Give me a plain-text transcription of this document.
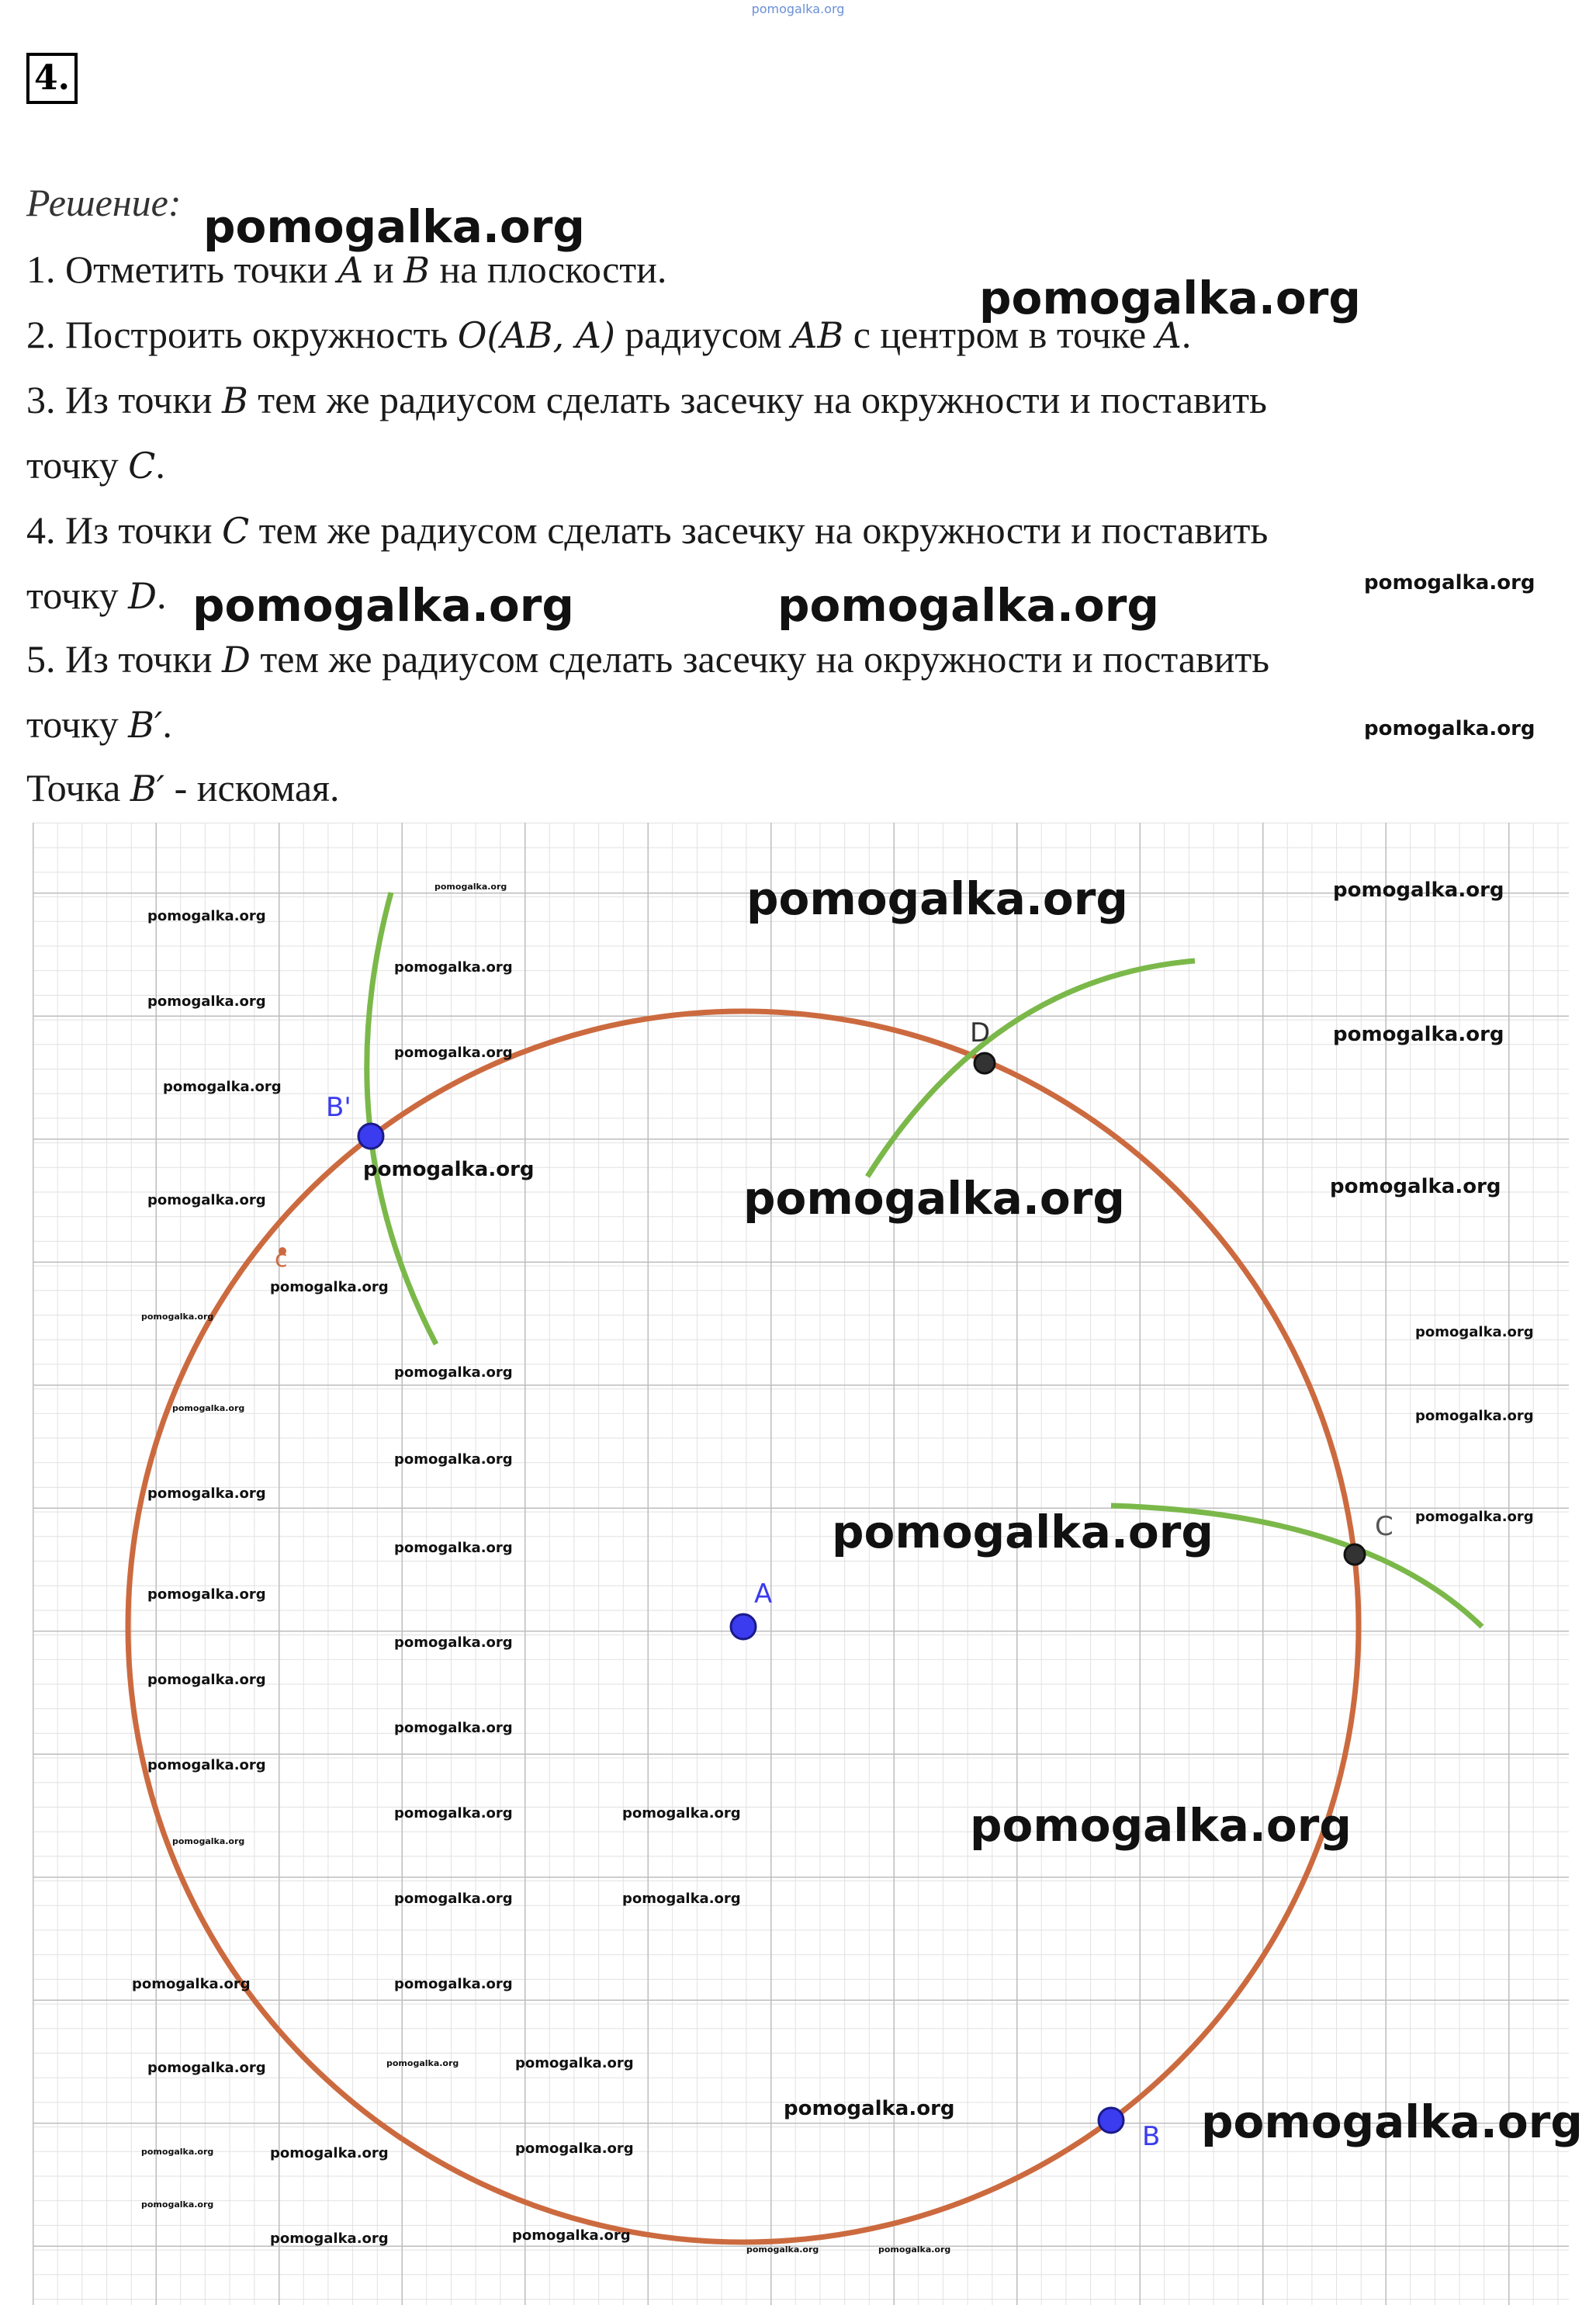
pomogalka.org
4.
Решение:
1. Отметить точки A и B на плоскости.
2. Построить окружность O(AB, A) радиусом AB с центром в точке A.
3. Из точки B тем же радиусом сделать засечку на окружности и поставить
точку C.
4. Из точки C тем же радиусом сделать засечку на окружности и поставить
точку D.
5. Из точки D тем же радиусом сделать засечку на окружности и поставить
точку B′.
Точка B′ - искомая.
pomogalka.org
pomogalka.org
pomogalka.org	pomogalka.org	pomogalka.org
pomogalka.org
A
B
C
D
B'
c
pomogalka.org	pomogalka.org
pomogalka.org
pomogalka.org
pomogalka.org
pomogalka.org
pomogalka.org
pomogalka.org
pomogalka.org
pomogalka.org
pomogalka.org	pomogalka.org
pomogalka.org
pomogalka.org
pomogalka.org
pomogalka.org
pomogalka.org
pomogalka.org	pomogalka.org
pomogalka.org
pomogalka.org
pomogalka.org
pomogalka.org
pomogalka.org
pomogalka.org
pomogalka.org
pomogalka.org
pomogalka.org
pomogalka.org
pomogalka.org	pomogalka.org
pomogalka.org	pomogalka.org
pomogalka.org
pomogalka.org
pomogalka.org	pomogalka.org
pomogalka.org	pomogalka.org	pomogalka.org
pomogalka.org	pomogalka.org
pomogalka.org	pomogalka.org	pomogalka.org
pomogalka.org
pomogalka.org	pomogalka.org
pomogalka.org	pomogalka.org
